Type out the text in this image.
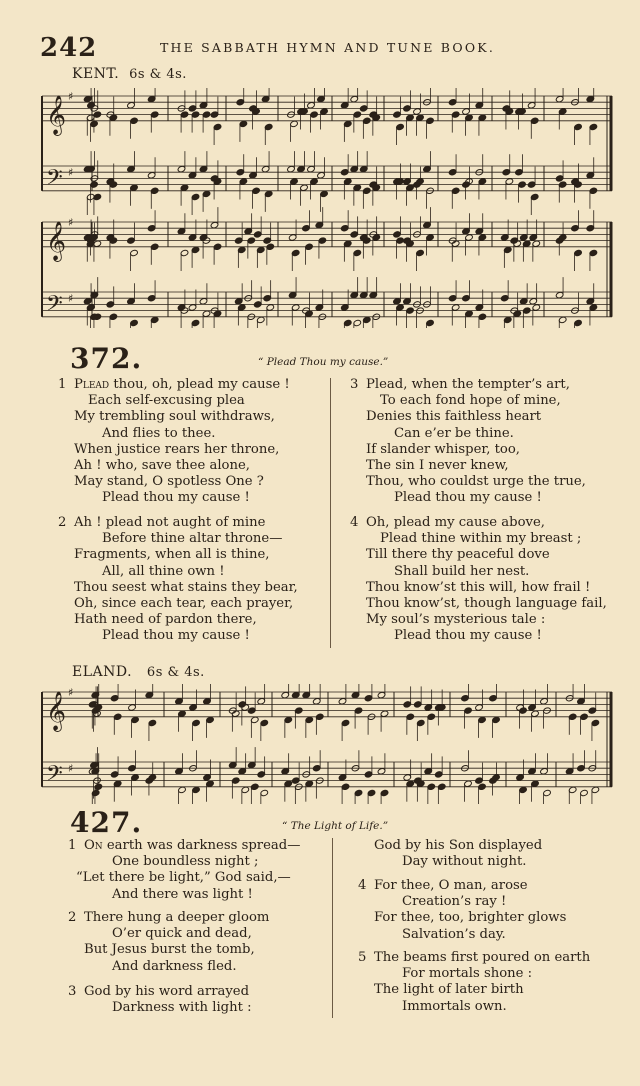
242	THE SABBATH HYMN AND TUNE BOOK.
KENT. 6s & 4s.
𝄞
𝄢
♯
♯
𝄞
𝄢
♯
♯
372.	“ Plead Thou my cause.”
1 Plead thou, oh, plead my cause !
Each self-excusing plea
My trembling soul withdraws,
And flies to thee.
When justice rears her throne,
Ah ! who, save thee alone,
May stand, O spotless One ?
Plead thou my cause !
2 Ah ! plead not aught of mine
Before thine altar throne—
Fragments, when all is thine,
All, all thine own !
Thou seest what stains they bear,
Oh, since each tear, each prayer,
Hath need of pardon there,
Plead thou my cause !
3 Plead, when the tempter’s art,
To each fond hope of mine,
Denies this faithless heart
Can e’er be thine.
If slander whisper, too,
The sin I never knew,
Thou, who couldst urge the true,
Plead thou my cause !
4 Oh, plead my cause above,
Plead thine within my breast ;
Till there thy peaceful dove
Shall build her nest.
Thou know’st this will, how frail !
Thou know’st, though language fail,
My soul’s mysterious tale :
Plead thou my cause !
ELAND. 6s & 4s.
𝄞
𝄢
♯
♯
427.	“ The Light of Life.”
1 On earth was darkness spread—
One boundless night ;
“Let there be light,” God said,—
And there was light !
2 There hung a deeper gloom
O’er quick and dead,
But Jesus burst the tomb,
And darkness fled.
3 God by his word arrayed
Darkness with light :
God by his Son displayed
Day without night.
4 For thee, O man, arose
Creation’s ray !
For thee, too, brighter glows
Salvation’s day.
5 The beams first poured on earth
For mortals shone :
The light of later birth
Immortals own.
